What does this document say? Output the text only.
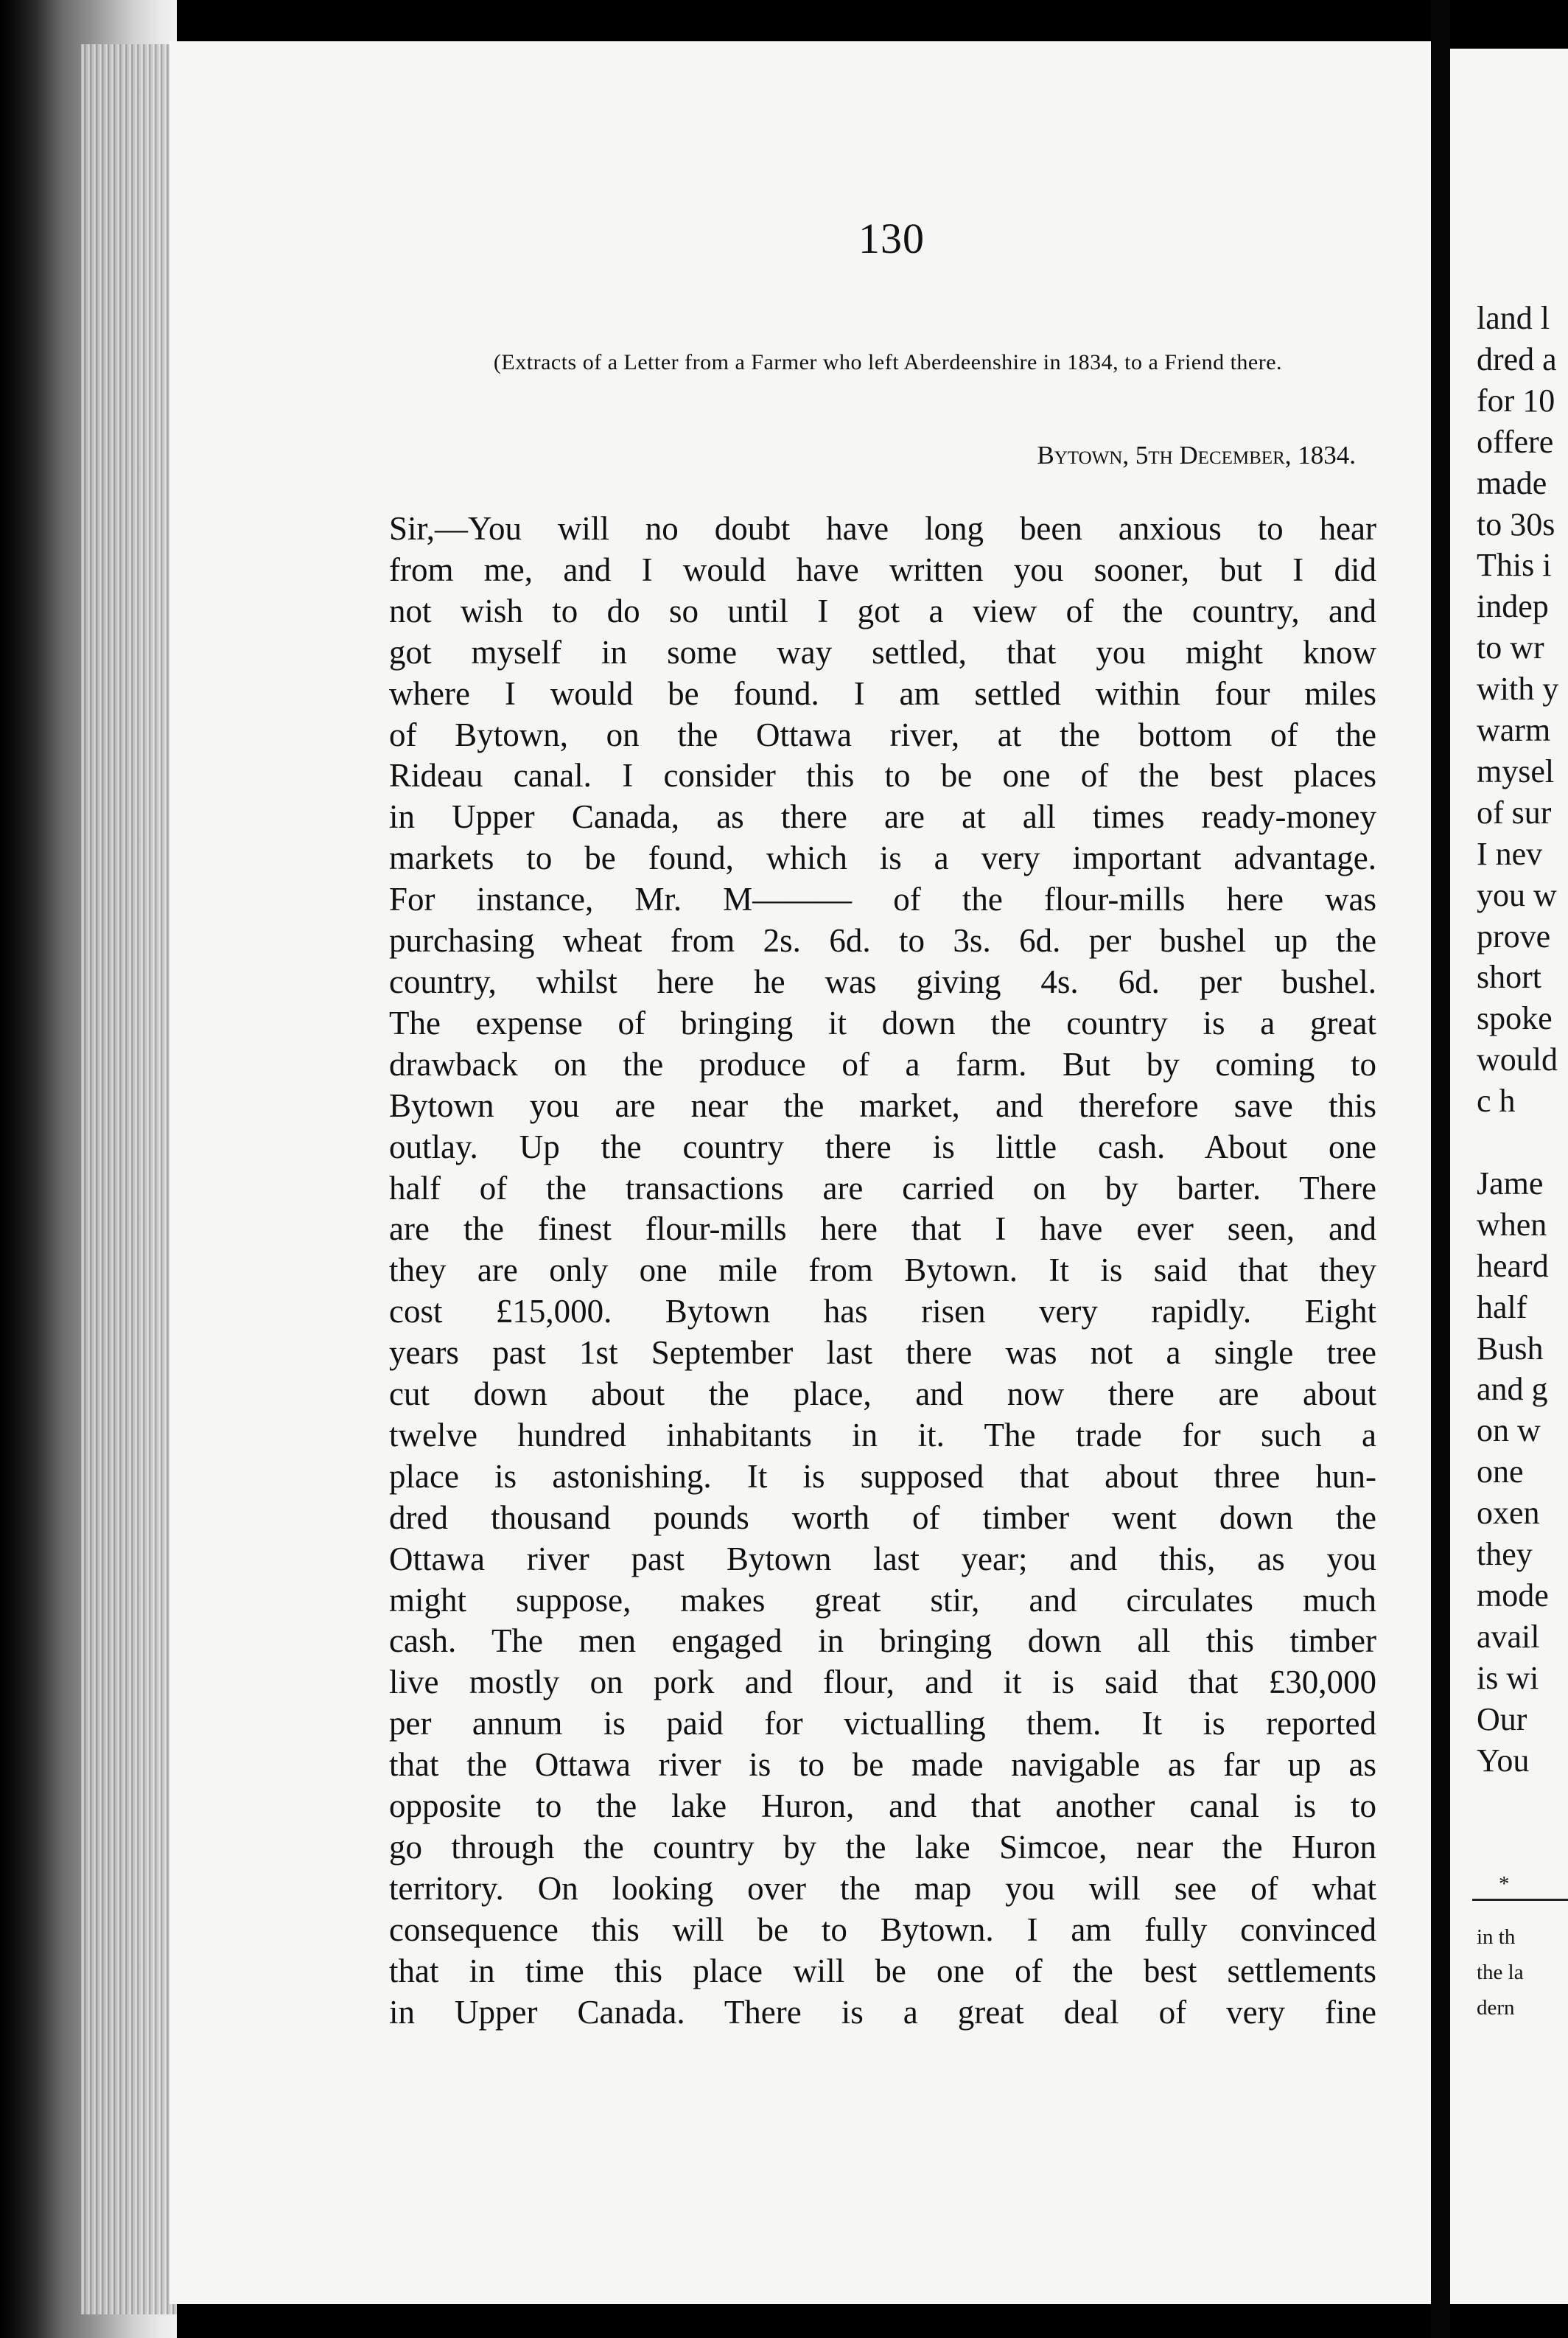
130
(Extracts of a Letter from a Farmer who left Aberdeenshire in 1834, to a Friend there.
Bytown, 5th December, 1834.
Sir,—You will no doubt have long been anxious to hear
from me, and I would have written you sooner, but I did
not wish to do so until I got a view of the country, and
got myself in some way settled, that you might know
where I would be found. I am settled within four miles
of Bytown, on the Ottawa river, at the bottom of the
Rideau canal. I consider this to be one of the best places
in Upper Canada, as there are at all times ready-money
markets to be found, which is a very important advantage.
For instance, Mr. M——— of the flour-mills here was
purchasing wheat from 2s. 6d. to 3s. 6d. per bushel up the
country, whilst here he was giving 4s. 6d. per bushel.
The expense of bringing it down the country is a great
drawback on the produce of a farm. But by coming to
Bytown you are near the market, and therefore save this
outlay. Up the country there is little cash. About one
half of the transactions are carried on by barter. There
are the finest flour-mills here that I have ever seen, and
they are only one mile from Bytown. It is said that they
cost £15,000. Bytown has risen very rapidly. Eight
years past 1st September last there was not a single tree
cut down about the place, and now there are about
twelve hundred inhabitants in it. The trade for such a
place is astonishing. It is supposed that about three hun-
dred thousand pounds worth of timber went down the
Ottawa river past Bytown last year; and this, as you
might suppose, makes great stir, and circulates much
cash. The men engaged in bringing down all this timber
live mostly on pork and flour, and it is said that £30,000
per annum is paid for victualling them. It is reported
that the Ottawa river is to be made navigable as far up as
opposite to the lake Huron, and that another canal is to
go through the country by the lake Simcoe, near the Huron
territory. On looking over the map you will see of what
consequence this will be to Bytown. I am fully convinced
that in time this place will be one of the best settlements
in Upper Canada. There is a great deal of very fine
land l
dred a
for 10
offere
made
to 30s
This i
indep
to wr
with y
warm
mysel
of sur
I nev
you w
prove
short
spoke
would
c h
Jame
when
heard
half
Bush
and g
on w
one
oxen
they
mode
avail
is wi
Our
You
*
in th
the la
dern
